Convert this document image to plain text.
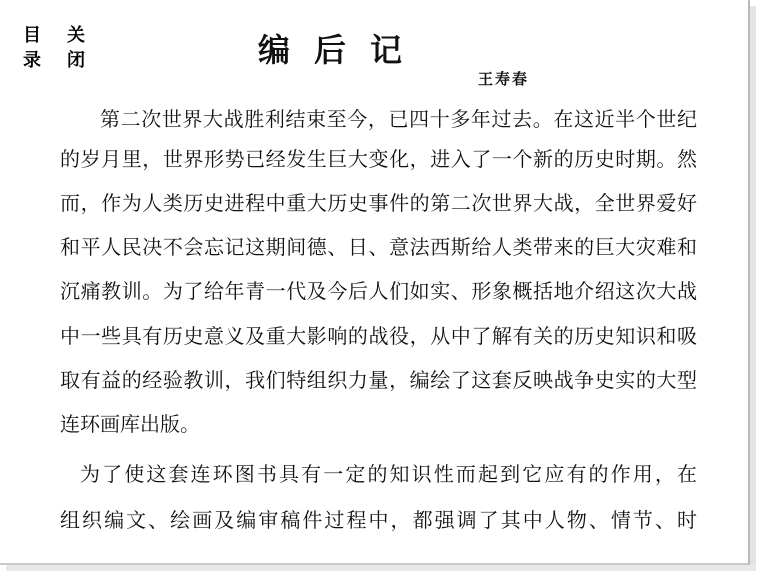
目
录
关
闭	编后记
王寿春
第二次世界大战胜利结束至今，已四十多年过去。在这近半个世纪
的岁月里，世界形势已经发生巨大变化，进入了一个新的历史时期。然
而，作为人类历史进程中重大历史事件的第二次世界大战，全世界爱好
和平人民决不会忘记这期间德、日、意法西斯给人类带来的巨大灾难和
沉痛教训。为了给年青一代及今后人们如实、形象概括地介绍这次大战
中一些具有历史意义及重大影响的战役，从中了解有关的历史知识和吸
取有益的经验教训，我们特组织力量，编绘了这套反映战争史实的大型
连环画库出版。
为了使这套连环图书具有一定的知识性而起到它应有的作用，在
组织编文、绘画及编审稿件过程中，都强调了其中人物、情节、时
